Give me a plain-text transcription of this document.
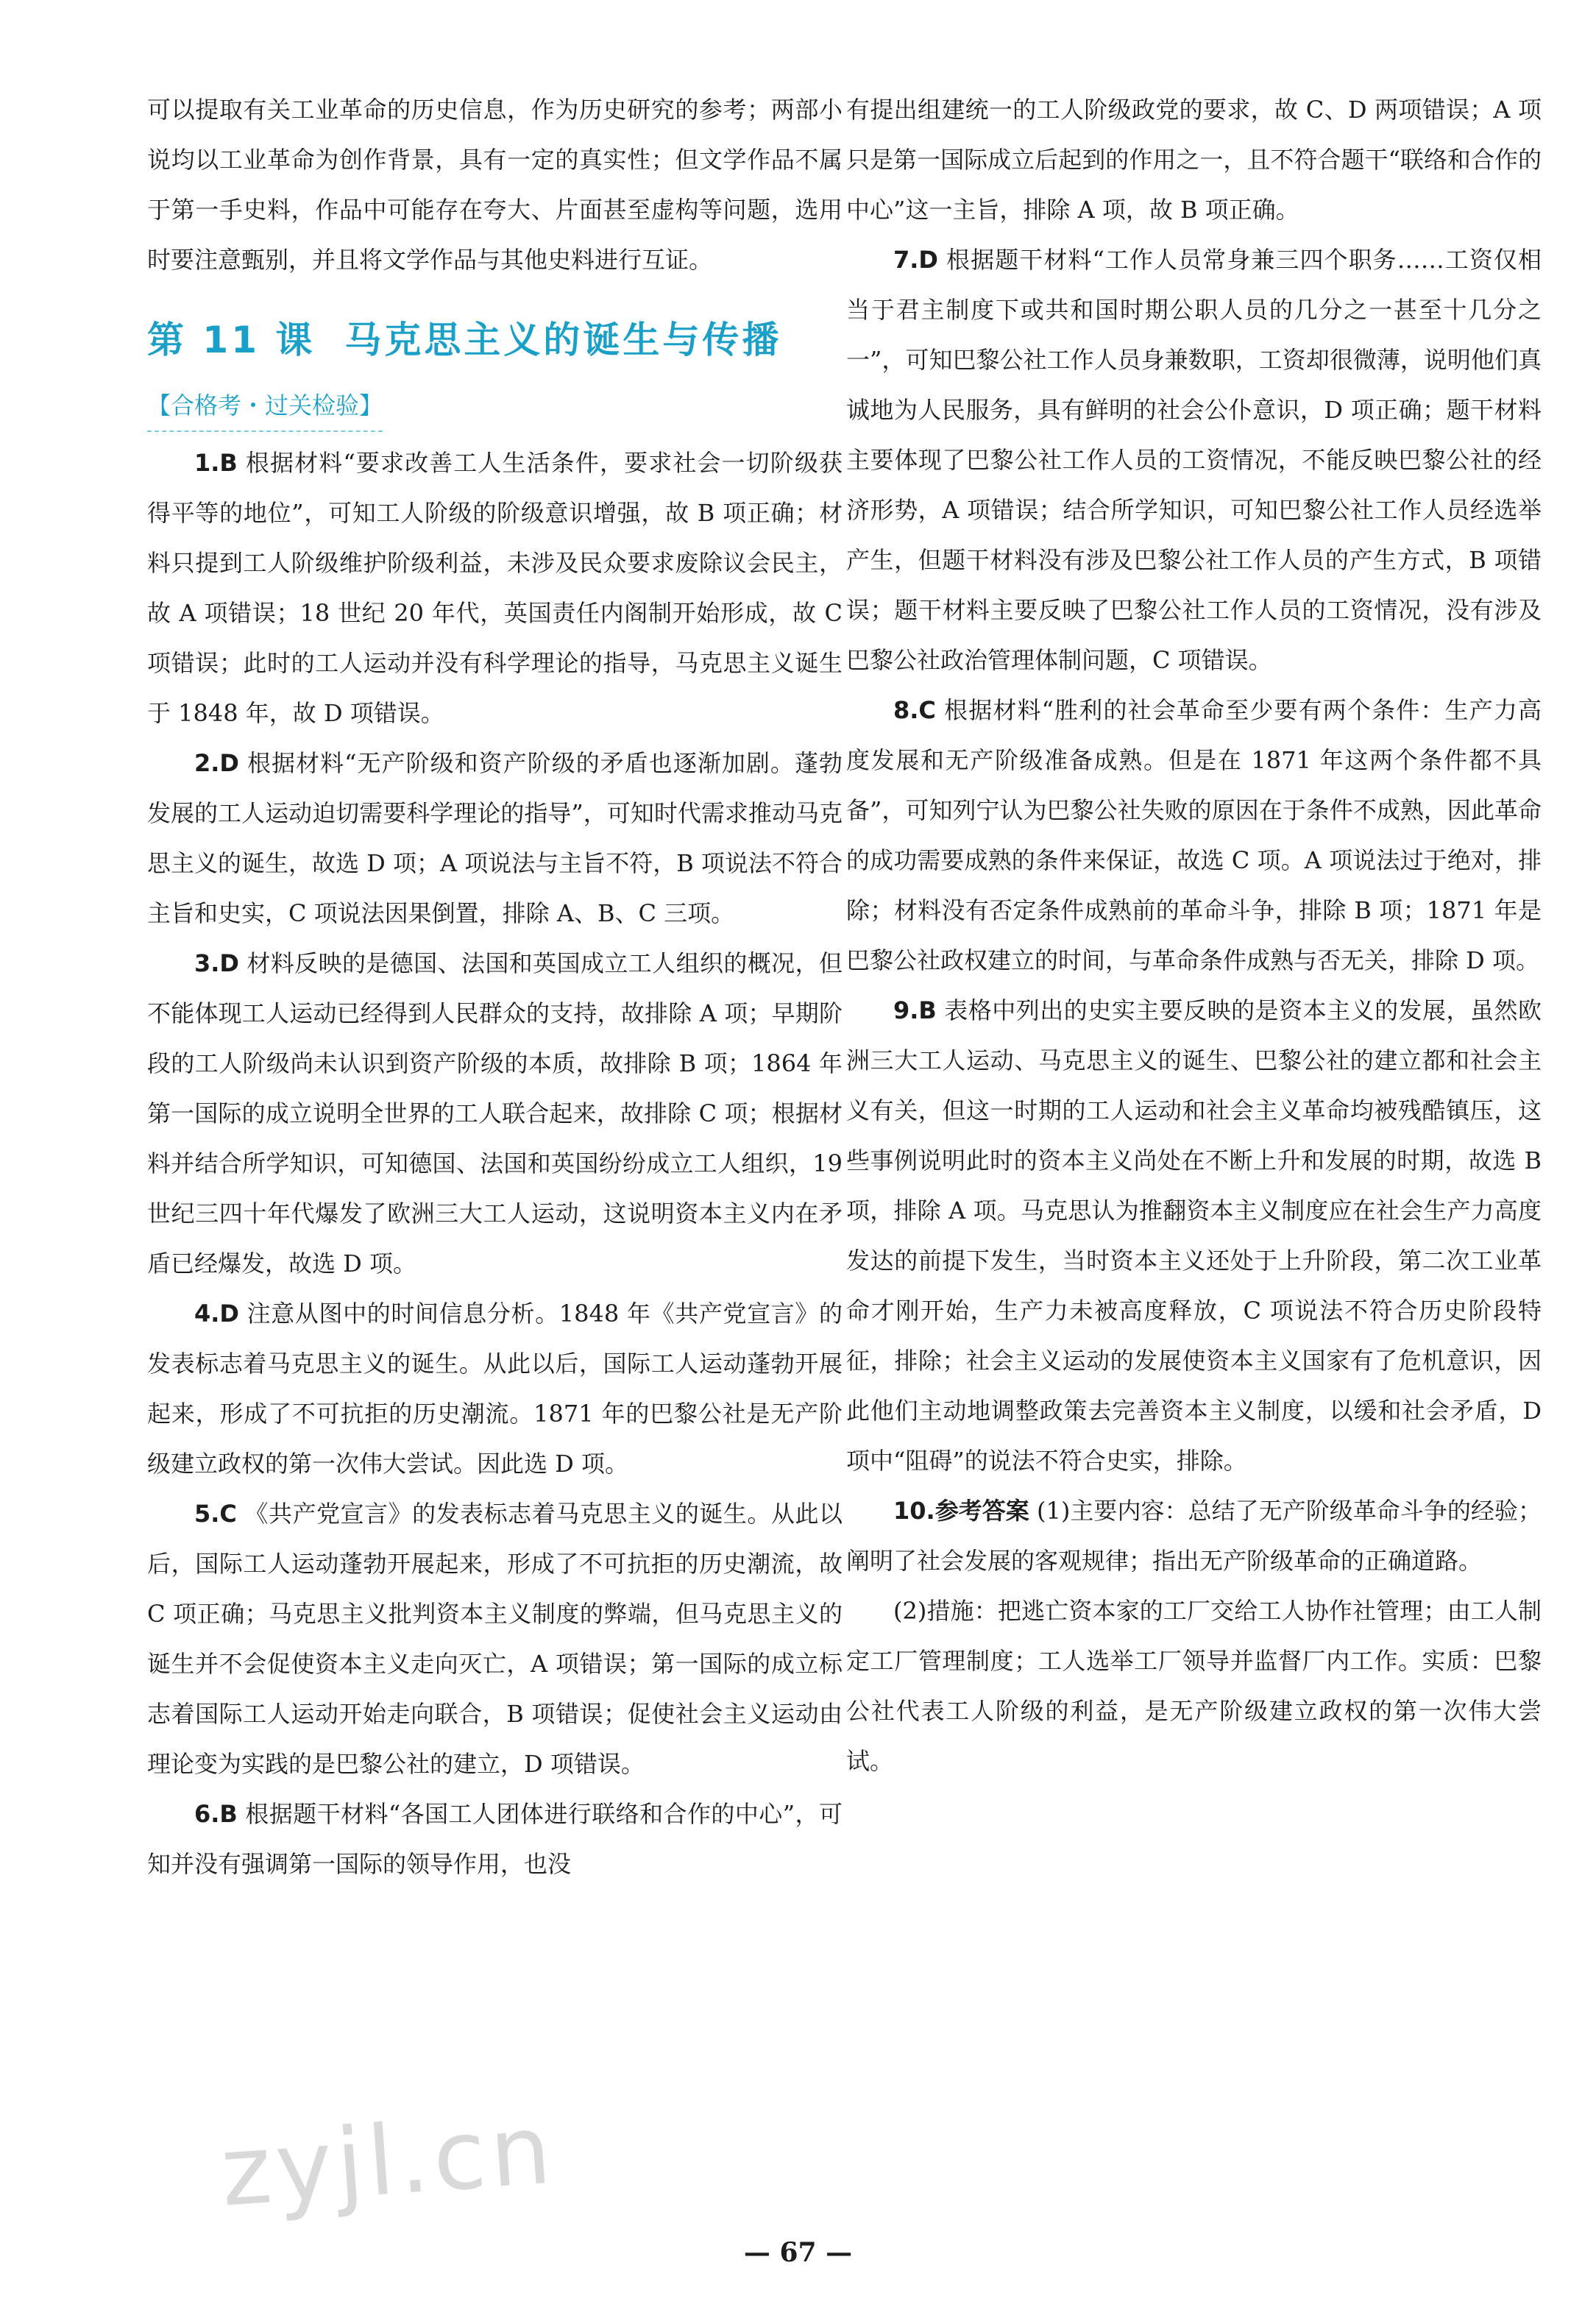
可以提取有关工业革命的历史信息，作为历史研究的参考；两部小说均以工业革命为创作背景，具有一定的真实性；但文学作品不属于第一手史料，作品中可能存在夸大、片面甚至虚构等问题，选用时要注意甄别，并且将文学作品与其他史料进行互证。

第 11 课 马克思主义的诞生与传播
【合格考・过关检验】

1.B 根据材料“要求改善工人生活条件，要求社会一切阶级获得平等的地位”，可知工人阶级的阶级意识增强，故 B 项正确；材料只提到工人阶级维护阶级利益，未涉及民众要求废除议会民主，故 A 项错误；18 世纪 20 年代，英国责任内阁制开始形成，故 C 项错误；此时的工人运动并没有科学理论的指导，马克思主义诞生于 1848 年，故 D 项错误。

2.D 根据材料“无产阶级和资产阶级的矛盾也逐渐加剧。蓬勃发展的工人运动迫切需要科学理论的指导”，可知时代需求推动马克思主义的诞生，故选 D 项；A 项说法与主旨不符，B 项说法不符合主旨和史实，C 项说法因果倒置，排除 A、B、C 三项。

3.D 材料反映的是德国、法国和英国成立工人组织的概况，但不能体现工人运动已经得到人民群众的支持，故排除 A 项；早期阶段的工人阶级尚未认识到资产阶级的本质，故排除 B 项；1864 年第一国际的成立说明全世界的工人联合起来，故排除 C 项；根据材料并结合所学知识，可知德国、法国和英国纷纷成立工人组织，19 世纪三四十年代爆发了欧洲三大工人运动，这说明资本主义内在矛盾已经爆发，故选 D 项。

4.D 注意从图中的时间信息分析。1848 年《共产党宣言》的发表标志着马克思主义的诞生。从此以后，国际工人运动蓬勃开展起来，形成了不可抗拒的历史潮流。1871 年的巴黎公社是无产阶级建立政权的第一次伟大尝试。因此选 D 项。

5.C 《共产党宣言》的发表标志着马克思主义的诞生。从此以后，国际工人运动蓬勃开展起来，形成了不可抗拒的历史潮流，故 C 项正确；马克思主义批判资本主义制度的弊端，但马克思主义的诞生并不会促使资本主义走向灭亡，A 项错误；第一国际的成立标志着国际工人运动开始走向联合，B 项错误；促使社会主义运动由理论变为实践的是巴黎公社的建立，D 项错误。

6.B 根据题干材料“各国工人团体进行联络和合作的中心”，可知并没有强调第一国际的领导作用，也没

有提出组建统一的工人阶级政党的要求，故 C、D 两项错误；A 项只是第一国际成立后起到的作用之一，且不符合题干“联络和合作的中心”这一主旨，排除 A 项，故 B 项正确。

7.D 根据题干材料“工作人员常身兼三四个职务……工资仅相当于君主制度下或共和国时期公职人员的几分之一甚至十几分之一”，可知巴黎公社工作人员身兼数职，工资却很微薄，说明他们真诚地为人民服务，具有鲜明的社会公仆意识，D 项正确；题干材料主要体现了巴黎公社工作人员的工资情况，不能反映巴黎公社的经济形势，A 项错误；结合所学知识，可知巴黎公社工作人员经选举产生，但题干材料没有涉及巴黎公社工作人员的产生方式，B 项错误；题干材料主要反映了巴黎公社工作人员的工资情况，没有涉及巴黎公社政治管理体制问题，C 项错误。

8.C 根据材料“胜利的社会革命至少要有两个条件：生产力高度发展和无产阶级准备成熟。但是在 1871 年这两个条件都不具备”，可知列宁认为巴黎公社失败的原因在于条件不成熟，因此革命的成功需要成熟的条件来保证，故选 C 项。A 项说法过于绝对，排除；材料没有否定条件成熟前的革命斗争，排除 B 项；1871 年是巴黎公社政权建立的时间，与革命条件成熟与否无关，排除 D 项。

9.B 表格中列出的史实主要反映的是资本主义的发展，虽然欧洲三大工人运动、马克思主义的诞生、巴黎公社的建立都和社会主义有关，但这一时期的工人运动和社会主义革命均被残酷镇压，这些事例说明此时的资本主义尚处在不断上升和发展的时期，故选 B 项，排除 A 项。马克思认为推翻资本主义制度应在社会生产力高度发达的前提下发生，当时资本主义还处于上升阶段，第二次工业革命才刚开始，生产力未被高度释放，C 项说法不符合历史阶段特征，排除；社会主义运动的发展使资本主义国家有了危机意识，因此他们主动地调整政策去完善资本主义制度，以缓和社会矛盾，D 项中“阻碍”的说法不符合史实，排除。

10.参考答案 (1)主要内容：总结了无产阶级革命斗争的经验；阐明了社会发展的客观规律；指出无产阶级革命的正确道路。

(2)措施：把逃亡资本家的工厂交给工人协作社管理；由工人制定工厂管理制度；工人选举工厂领导并监督厂内工作。实质：巴黎公社代表工人阶级的利益，是无产阶级建立政权的第一次伟大尝试。

zyjl.cn
— 67 —
